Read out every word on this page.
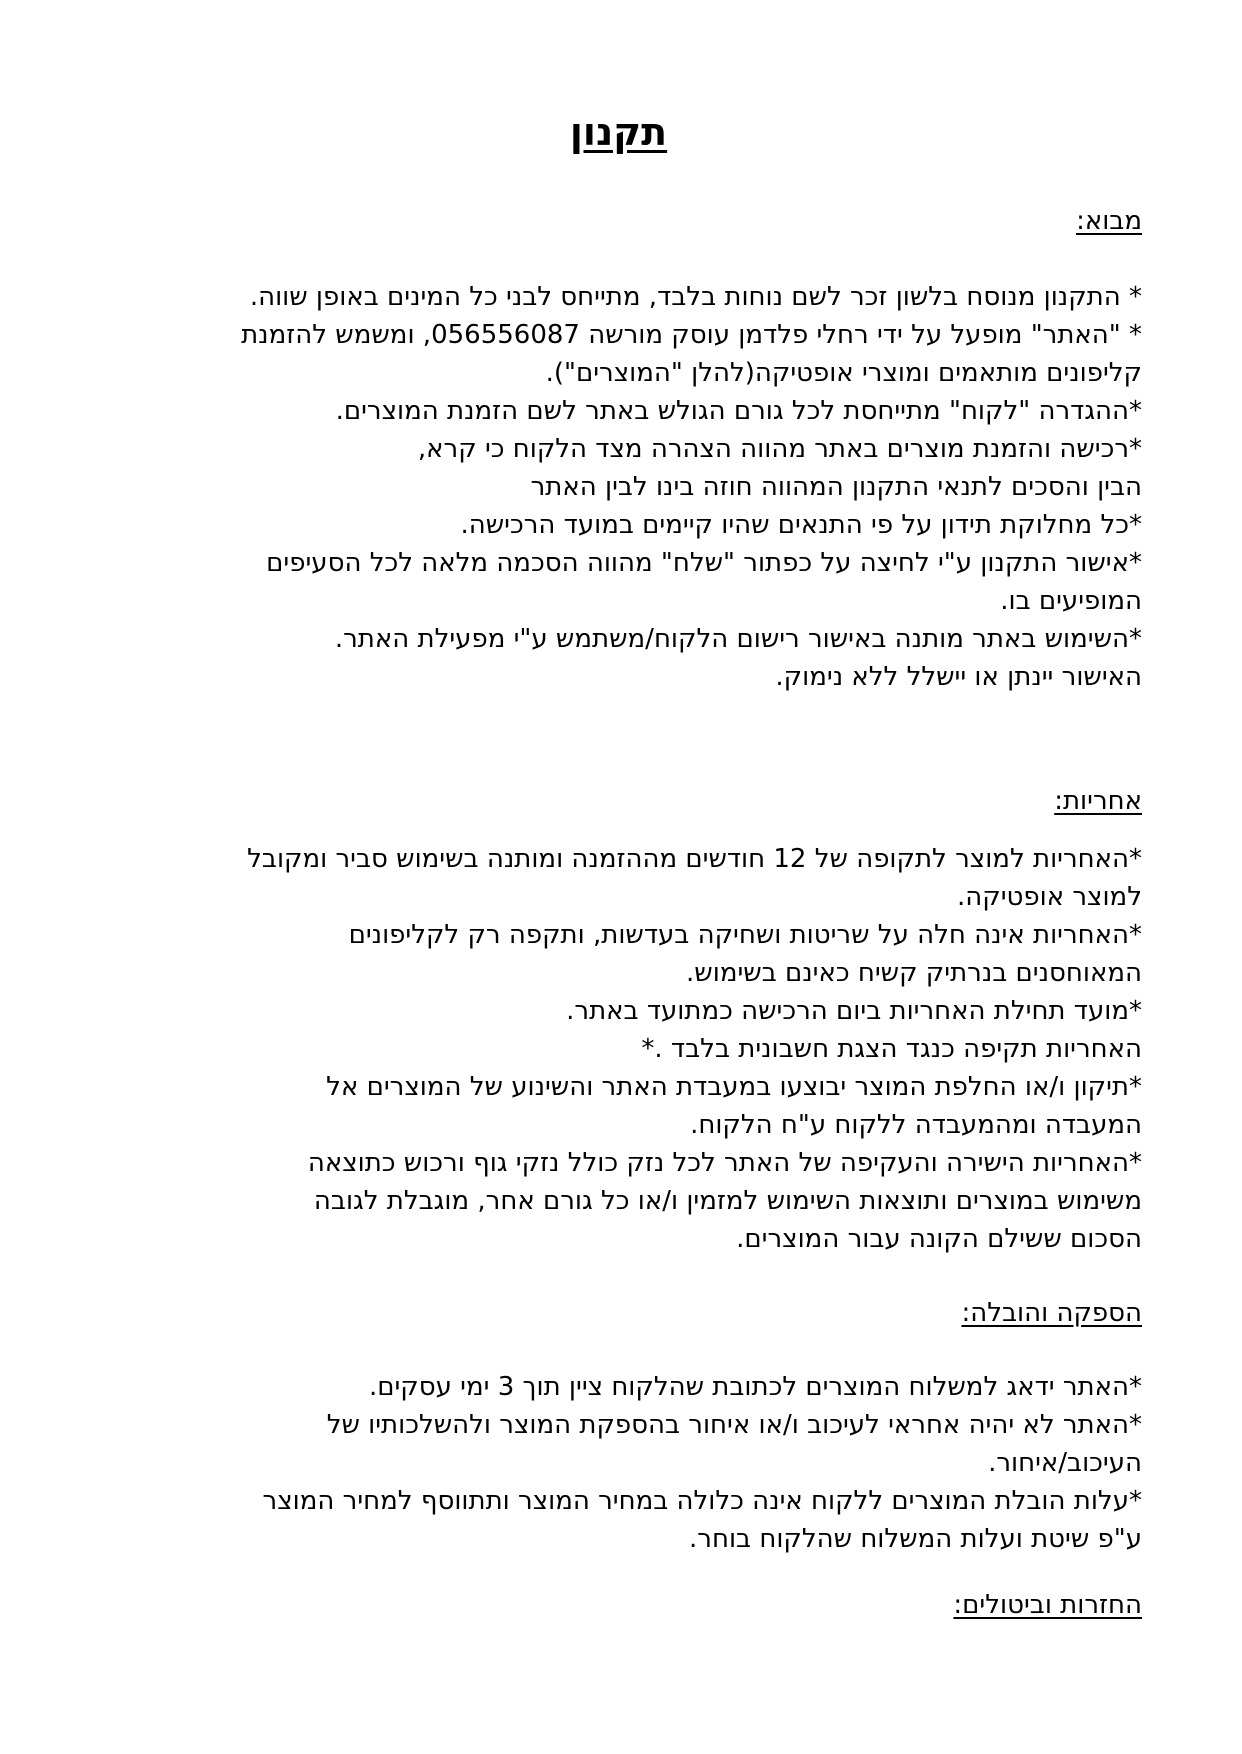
תקנון
מבוא:
* התקנון מנוסח בלשון זכר לשם נוחות בלבד, מתייחס לבני כל המינים באופן שווה.
* "האתר" מופעל על ידי רחלי פלדמן עוסק מורשה 056556087, ומשמש להזמנת
קליפונים מותאמים ומוצרי אופטיקה(להלן "המוצרים").
*ההגדרה "לקוח" מתייחסת לכל גורם הגולש באתר לשם הזמנת המוצרים.
*רכישה והזמנת מוצרים באתר מהווה הצהרה מצד הלקוח כי קרא,
הבין והסכים לתנאי התקנון המהווה חוזה בינו לבין האתר
*כל מחלוקת תידון על פי התנאים שהיו קיימים במועד הרכישה.
*אישור התקנון ע"י לחיצה על כפתור "שלח" מהווה הסכמה מלאה לכל הסעיפים
המופיעים בו.
*השימוש באתר מותנה באישור רישום הלקוח/משתמש ע"י מפעילת האתר.
האישור יינתן או יישלל ללא נימוק.
אחריות:
*האחריות למוצר לתקופה של 12 חודשים מההזמנה ומותנה בשימוש סביר ומקובל
למוצר אופטיקה.
*האחריות אינה חלה על שריטות ושחיקה בעדשות, ותקפה רק לקליפונים
המאוחסנים בנרתיק קשיח כאינם בשימוש.
*מועד תחילת האחריות ביום הרכישה כמתועד באתר.
האחריות תקיפה כנגד הצגת חשבונית בלבד .*
*תיקון ו/או החלפת המוצר יבוצעו במעבדת האתר והשינוע של המוצרים אל
המעבדה ומהמעבדה ללקוח ע"ח הלקוח.
*האחריות הישירה והעקיפה של האתר לכל נזק כולל נזקי גוף ורכוש כתוצאה
משימוש במוצרים ותוצאות השימוש למזמין ו/או כל גורם אחר, מוגבלת לגובה
הסכום ששילם הקונה עבור המוצרים.
הספקה והובלה:
*האתר ידאג למשלוח המוצרים לכתובת שהלקוח ציין תוך 3 ימי עסקים.
*האתר לא יהיה אחראי לעיכוב ו/או איחור בהספקת המוצר ולהשלכותיו של
העיכוב/איחור.
*עלות הובלת המוצרים ללקוח אינה כלולה במחיר המוצר ותתווסף למחיר המוצר
ע"פ שיטת ועלות המשלוח שהלקוח בוחר.
החזרות וביטולים:
